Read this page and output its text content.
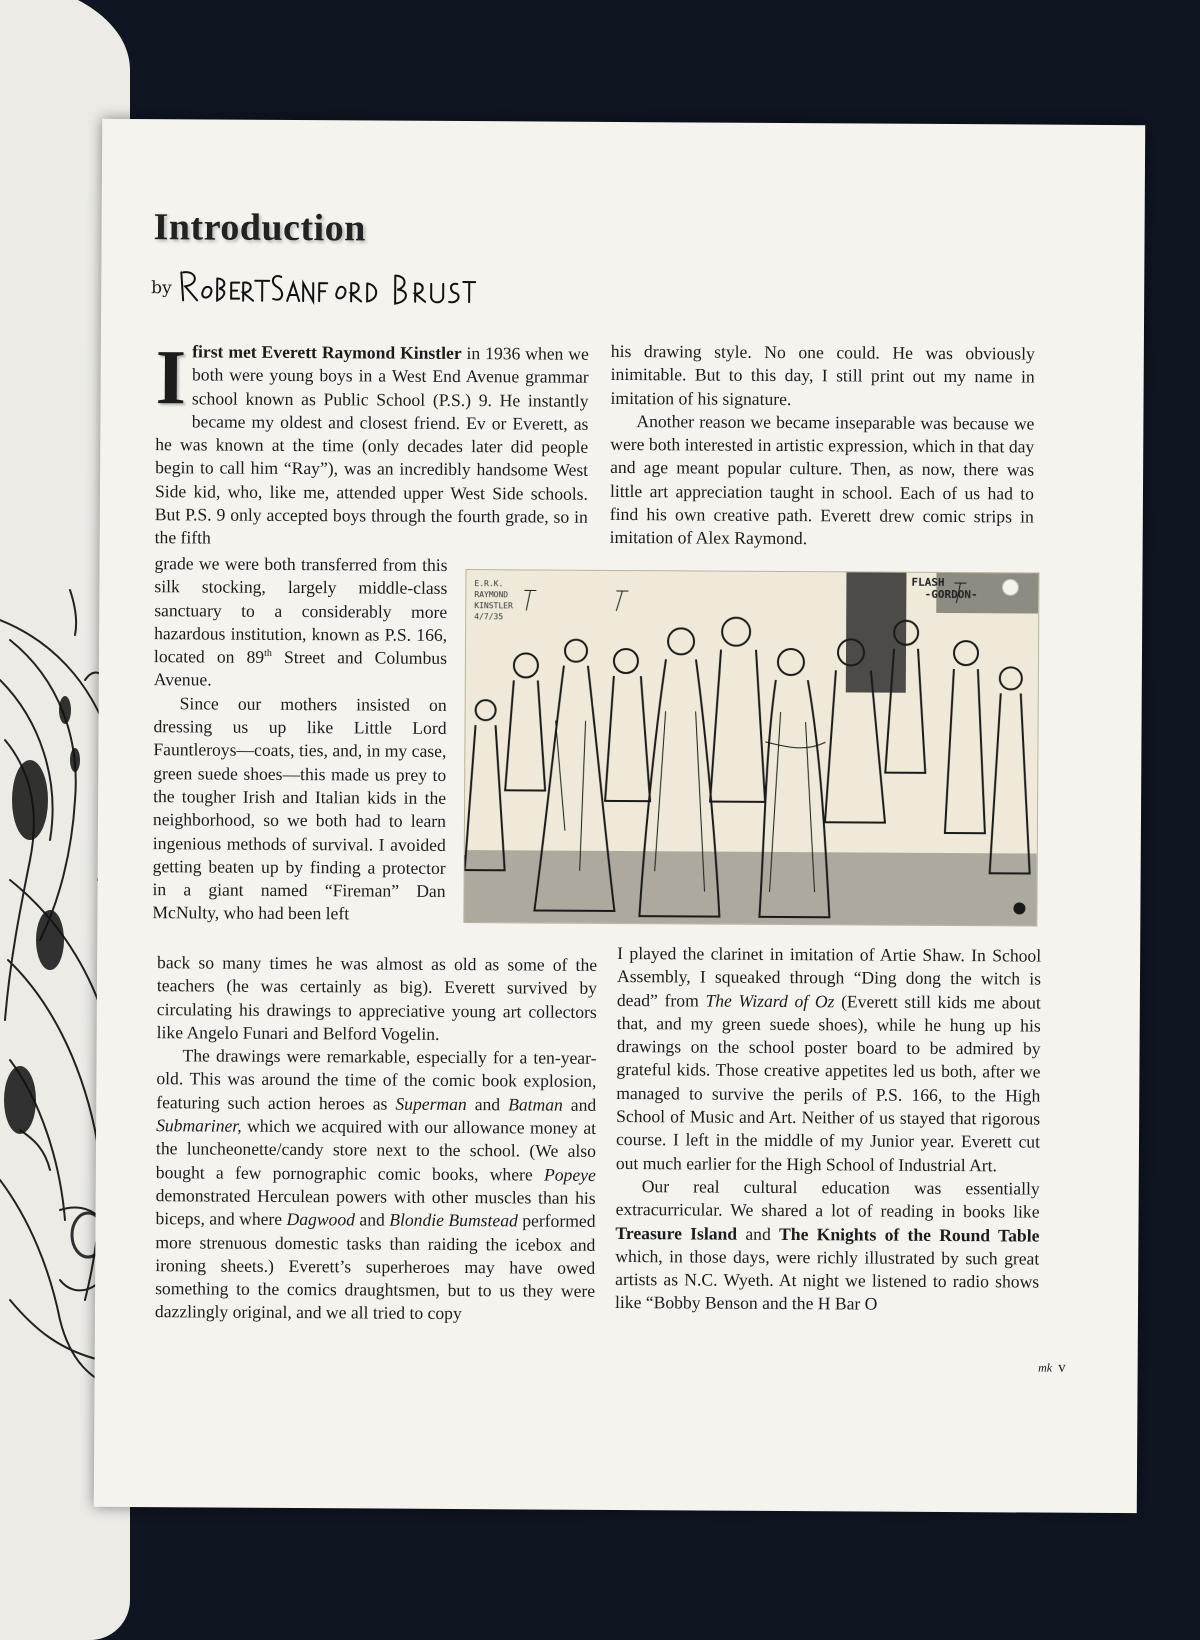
Introduction
by

I first met Everett Raymond Kinstler in 1936 when we both were young boys in a West End Avenue grammar school known as Public School (P.S.) 9. He instantly became my oldest and closest friend. Ev or Everett, as he was known at the time (only decades later did people begin to call him “Ray”), was an incredibly handsome West Side kid, who, like me, attended upper West Side schools. But P.S. 9 only accepted boys through the fourth grade, so in the fifth

grade we were both transferred from this silk stocking, largely middle-class sanctuary to a considerably more hazardous institution, known as P.S. 166, located on 89th Street and Columbus Avenue.

Since our mothers insisted on dressing us up like Little Lord Fauntleroys—coats, ties, and, in my case, green suede shoes—this made us prey to the tougher Irish and Italian kids in the neighborhood, so we both had to learn ingenious methods of survival. I avoided getting beaten up by finding a protector in a giant named “Fireman” Dan McNulty, who had been left

back so many times he was almost as old as some of the teachers (he was certainly as big). Everett survived by circulating his drawings to appreciative young art collectors like Angelo Funari and Belford Vogelin.

The drawings were remarkable, especially for a ten-year-old. This was around the time of the comic book explosion, featuring such action heroes as Superman and Batman and Submariner, which we acquired with our allowance money at the luncheonette/candy store next to the school. (We also bought a few pornographic comic books, where Popeye demonstrated Herculean powers with other muscles than his biceps, and where Dagwood and Blondie Bumstead performed more strenuous domestic tasks than raiding the icebox and ironing sheets.) Everett’s superheroes may have owed something to the comics draughtsmen, but to us they were dazzlingly original, and we all tried to copy

his drawing style. No one could. He was obviously inimitable. But to this day, I still print out my name in imitation of his signature.

Another reason we became inseparable was because we were both interested in artistic expression, which in that day and age meant popular culture. Then, as now, there was little art appreciation taught in school. Each of us had to find his own creative path. Everett drew comic strips in imitation of Alex Raymond.

E.R.K.
RAYMOND
KINSTLER
4/7/35
FLASH
-GORDON-

I played the clarinet in imitation of Artie Shaw. In School Assembly, I squeaked through “Ding dong the witch is dead” from The Wizard of Oz (Everett still kids me about that, and my green suede shoes), while he hung up his drawings on the school poster board to be admired by grateful kids. Those creative appetites led us both, after we managed to survive the perils of P.S. 166, to the High School of Music and Art. Neither of us stayed that rigorous course. I left in the middle of my Junior year. Everett cut out much earlier for the High School of Industrial Art.

Our real cultural education was essentially extracurricular. We shared a lot of reading in books like Treasure Island and The Knights of the Round Table which, in those days, were richly illustrated by such great artists as N.C. Wyeth. At night we listened to radio shows like “Bobby Benson and the H Bar O

mk v
